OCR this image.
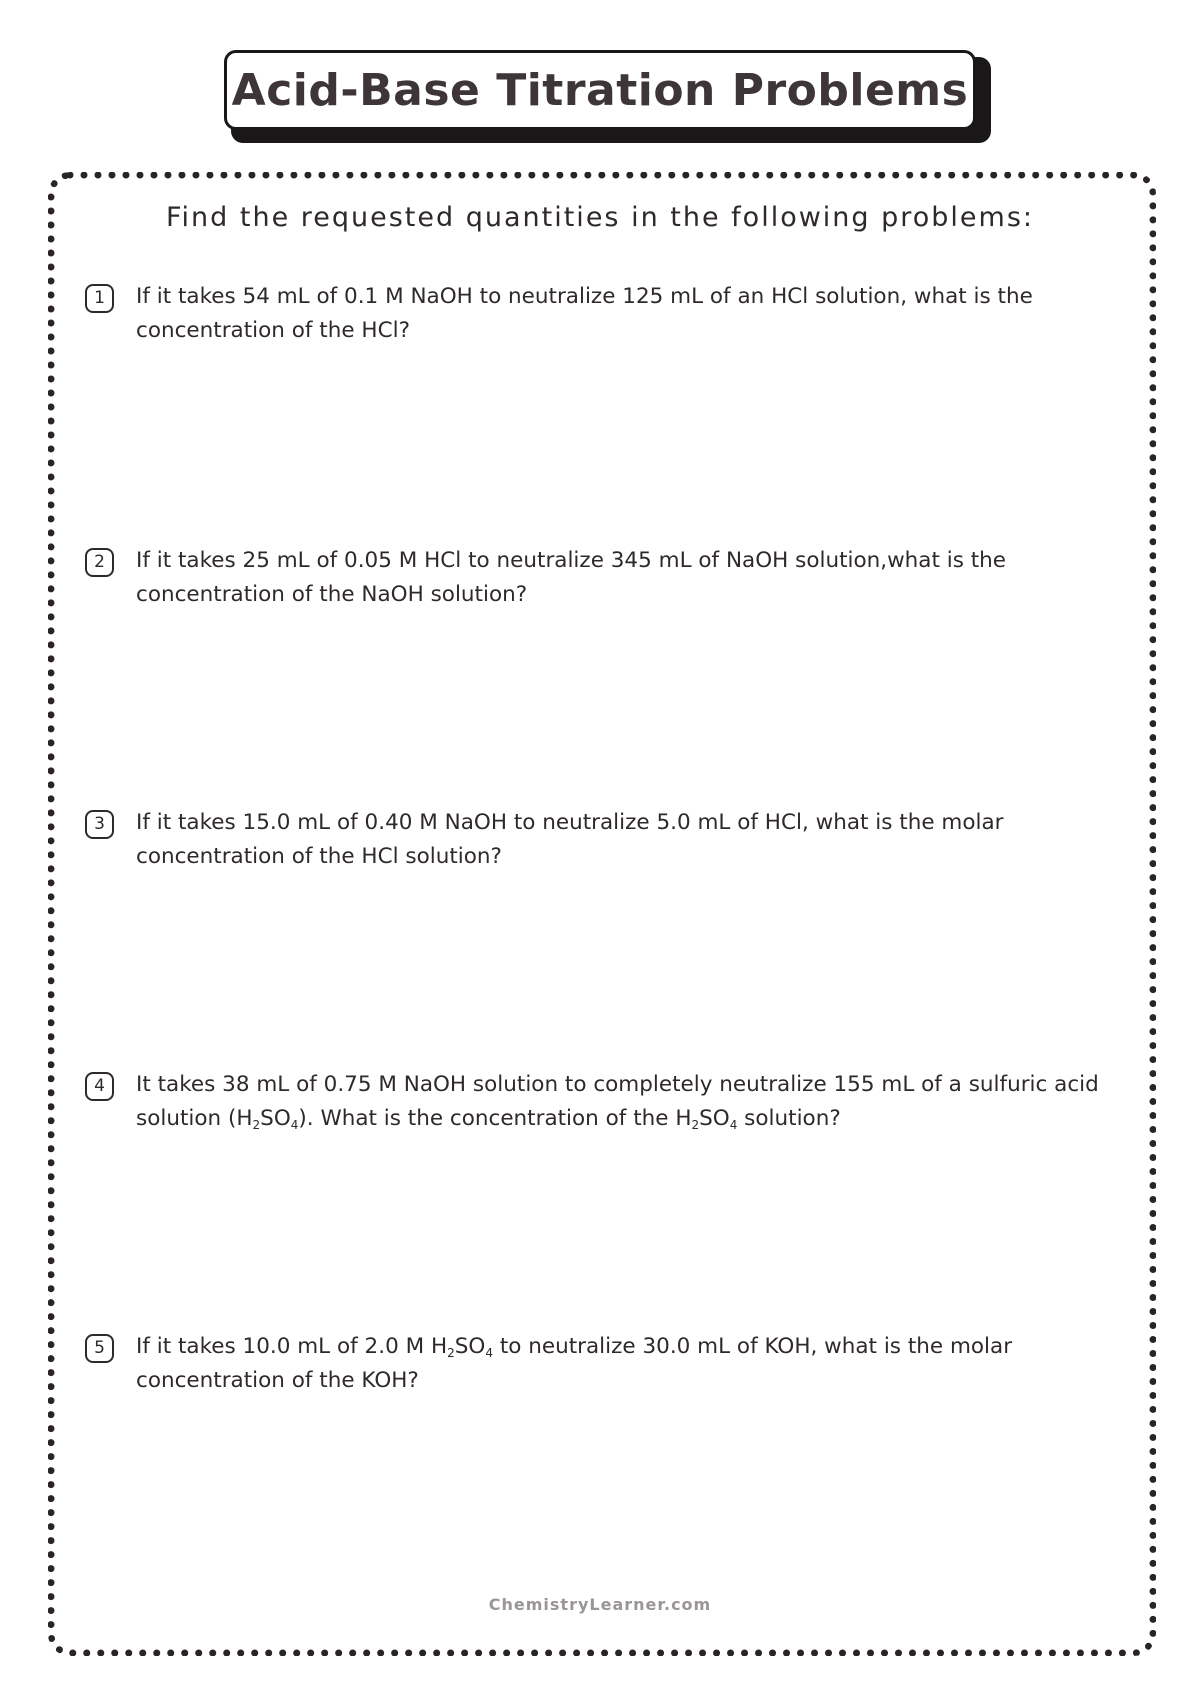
Acid-Base Titration Problems
Find the requested quantities in the following problems:
1	If it takes 54 mL of 0.1 M NaOH to neutralize 125 mL of an HCl solution, what is the concentration of the HCl?
2	If it takes 25 mL of 0.05 M HCl to neutralize 345 mL of NaOH solution,what is the concentration of the NaOH solution?
3	If it takes 15.0 mL of 0.40 M NaOH to neutralize 5.0 mL of HCl, what is the molar concentration of the HCl solution?
4	It takes 38 mL of 0.75 M NaOH solution to completely neutralize 155 mL of a sulfuric acid solution $(H_2SO_4)$. What is the concentration of the $H_2SO_4$ solution?
5	If it takes 10.0 mL of 2.0 M $H_2SO_4$ to neutralize 30.0 mL of KOH, what is the molar concentration of the KOH?
ChemistryLearner.com
